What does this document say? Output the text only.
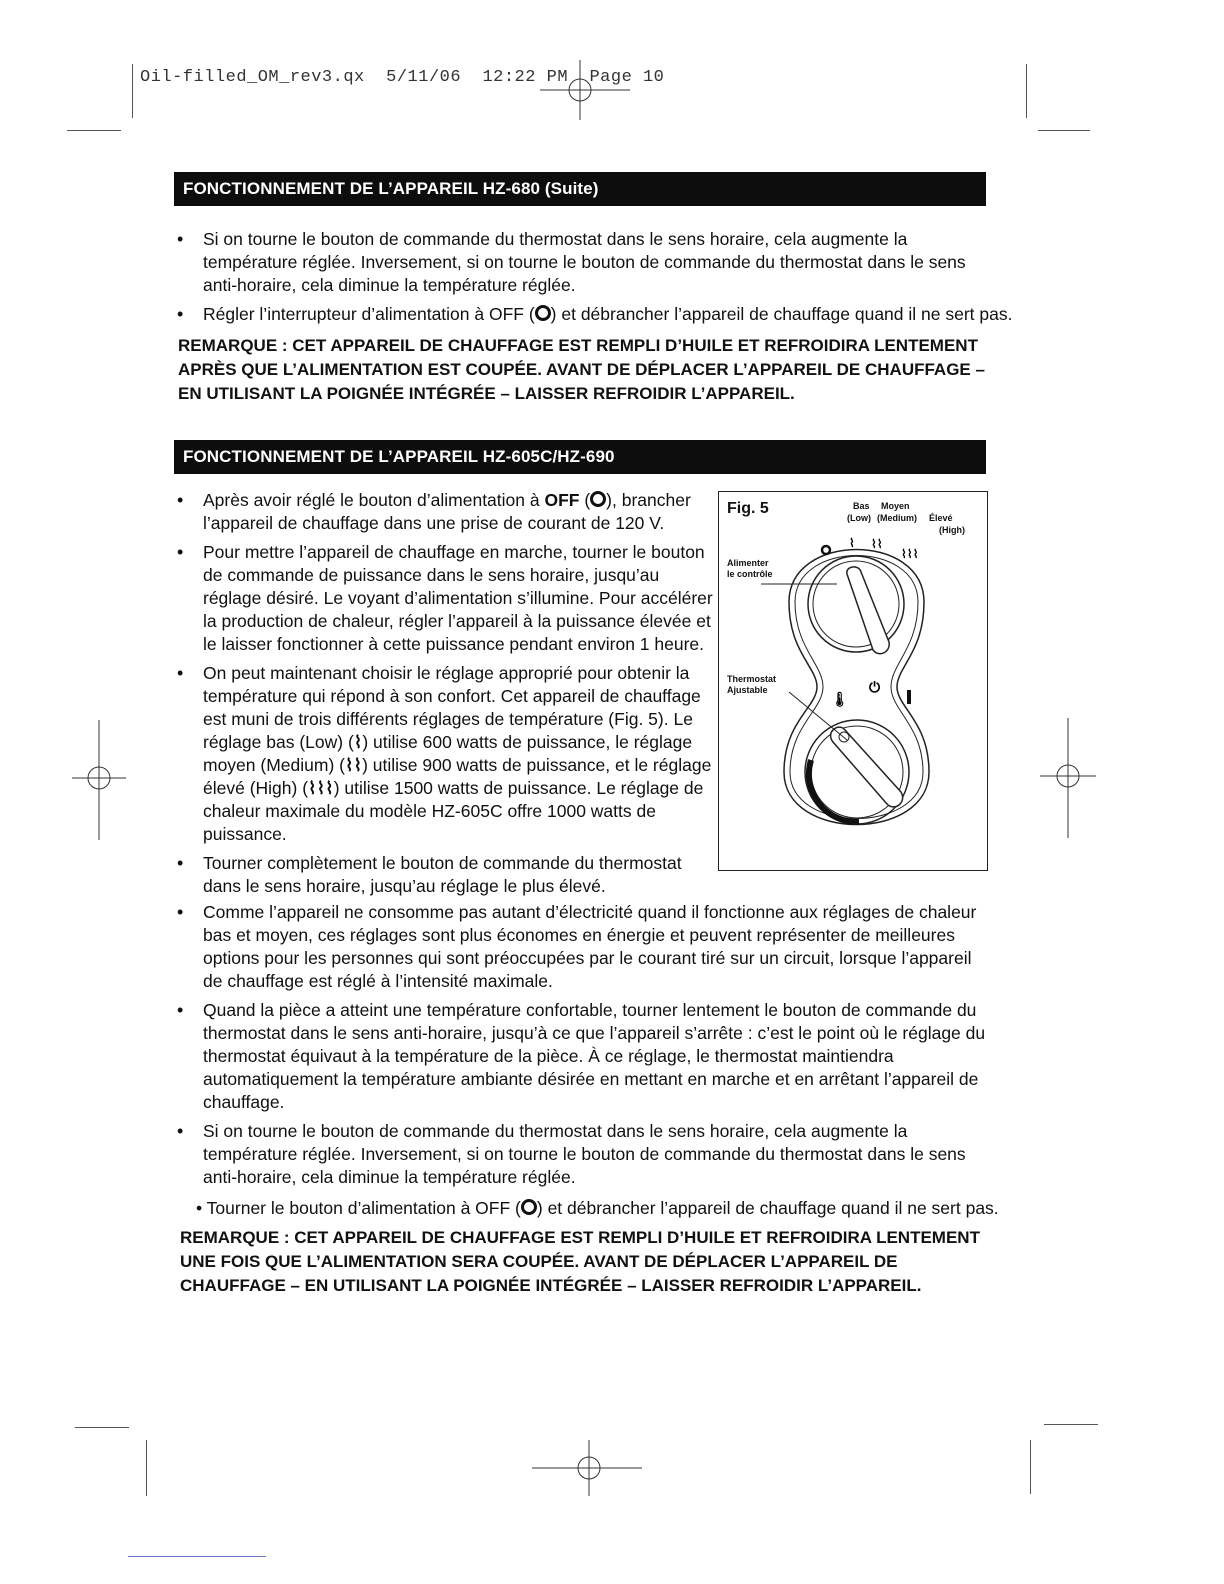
Oil-filled_OM_rev3.qx  5/11/06  12:22 PM  Page 10
FONCTIONNEMENT DE L’APPAREIL HZ-680 (Suite)
• Si on tourne le bouton de commande du thermostat dans le sens horaire, cela augmente la température réglée. Inversement, si on tourne le bouton de commande du thermostat dans le sens anti-horaire, cela diminue la température réglée.
• Régler l’interrupteur d’alimentation à OFF ( ) et débrancher l’appareil de chauffage quand il ne sert pas.

REMARQUE : CET APPAREIL DE CHAUFFAGE EST REMPLI D’HUILE ET REFROIDIRA LENTEMENT APRÈS QUE L’ALIMENTATION EST COUPÉE. AVANT DE DÉPLACER L’APPAREIL DE CHAUFFAGE – EN UTILISANT LA POIGNÉE INTÉGRÉE – LAISSER REFROIDIR L’APPAREIL.

FONCTIONNEMENT DE L’APPAREIL HZ-605C/HZ-690
• Après avoir réglé le bouton d’alimentation à OFF ( ), brancher l’appareil de chauffage dans une prise de courant de 120 V.
• Pour mettre l’appareil de chauffage en marche, tourner le bouton de commande de puissance dans le sens horaire, jusqu’au réglage désiré. Le voyant d’alimentation s’illumine. Pour accélérer la production de chaleur, régler l’appareil à la puissance élevée et le laisser fonctionner à cette puissance pendant environ 1 heure.
• On peut maintenant choisir le réglage approprié pour obtenir la température qui répond à son confort. Cet appareil de chauffage est muni de trois différents réglages de température (Fig. 5). Le réglage bas (Low) (⌇) utilise 600 watts de puissance, le réglage moyen (Medium) (⌇⌇) utilise 900 watts de puissance, et le réglage élevé (High) (⌇⌇⌇) utilise 1500 watts de puissance. Le réglage de chaleur maximale du modèle HZ-605C offre 1000 watts de puissance.
• Tourner complètement le bouton de commande du thermostat dans le sens horaire, jusqu’au réglage le plus élevé.
• Comme l’appareil ne consomme pas autant d’électricité quand il fonctionne aux réglages de chaleur bas et moyen, ces réglages sont plus économes en énergie et peuvent représenter de meilleures options pour les personnes qui sont préoccupées par le courant tiré sur un circuit, lorsque l’appareil de chauffage est réglé à l’intensité maximale.
• Quand la pièce a atteint une température confortable, tourner lentement le bouton de commande du thermostat dans le sens anti-horaire, jusqu’à ce que l’appareil s’arrête : c’est le point où le réglage du thermostat équivaut à la température de la pièce. À ce réglage, le thermostat maintiendra automatiquement la température ambiante désirée en mettant en marche et en arrêtant l’appareil de chauffage.
• Si on tourne le bouton de commande du thermostat dans le sens horaire, cela augmente la température réglée. Inversement, si on tourne le bouton de commande du thermostat dans le sens anti-horaire, cela diminue la température réglée.
• Tourner le bouton d’alimentation à OFF ( ) et débrancher l’appareil de chauffage quand il ne sert pas.

REMARQUE : CET APPAREIL DE CHAUFFAGE EST REMPLI D’HUILE ET REFROIDIRA LENTEMENT UNE FOIS QUE L’ALIMENTATION SERA COUPÉE. AVANT DE DÉPLACER L’APPAREIL DE CHAUFFAGE – EN UTILISANT LA POIGNÉE INTÉGRÉE – LAISSER REFROIDIR L’APPAREIL.

Fig. 5	Bas
(Low)
Moyen
(Medium) Élevé
(High)
Alimenter
le contrôle
Thermostat
Ajustable
⌇ ⌇⌇
⌇⌇⌇
🌡
⏻
